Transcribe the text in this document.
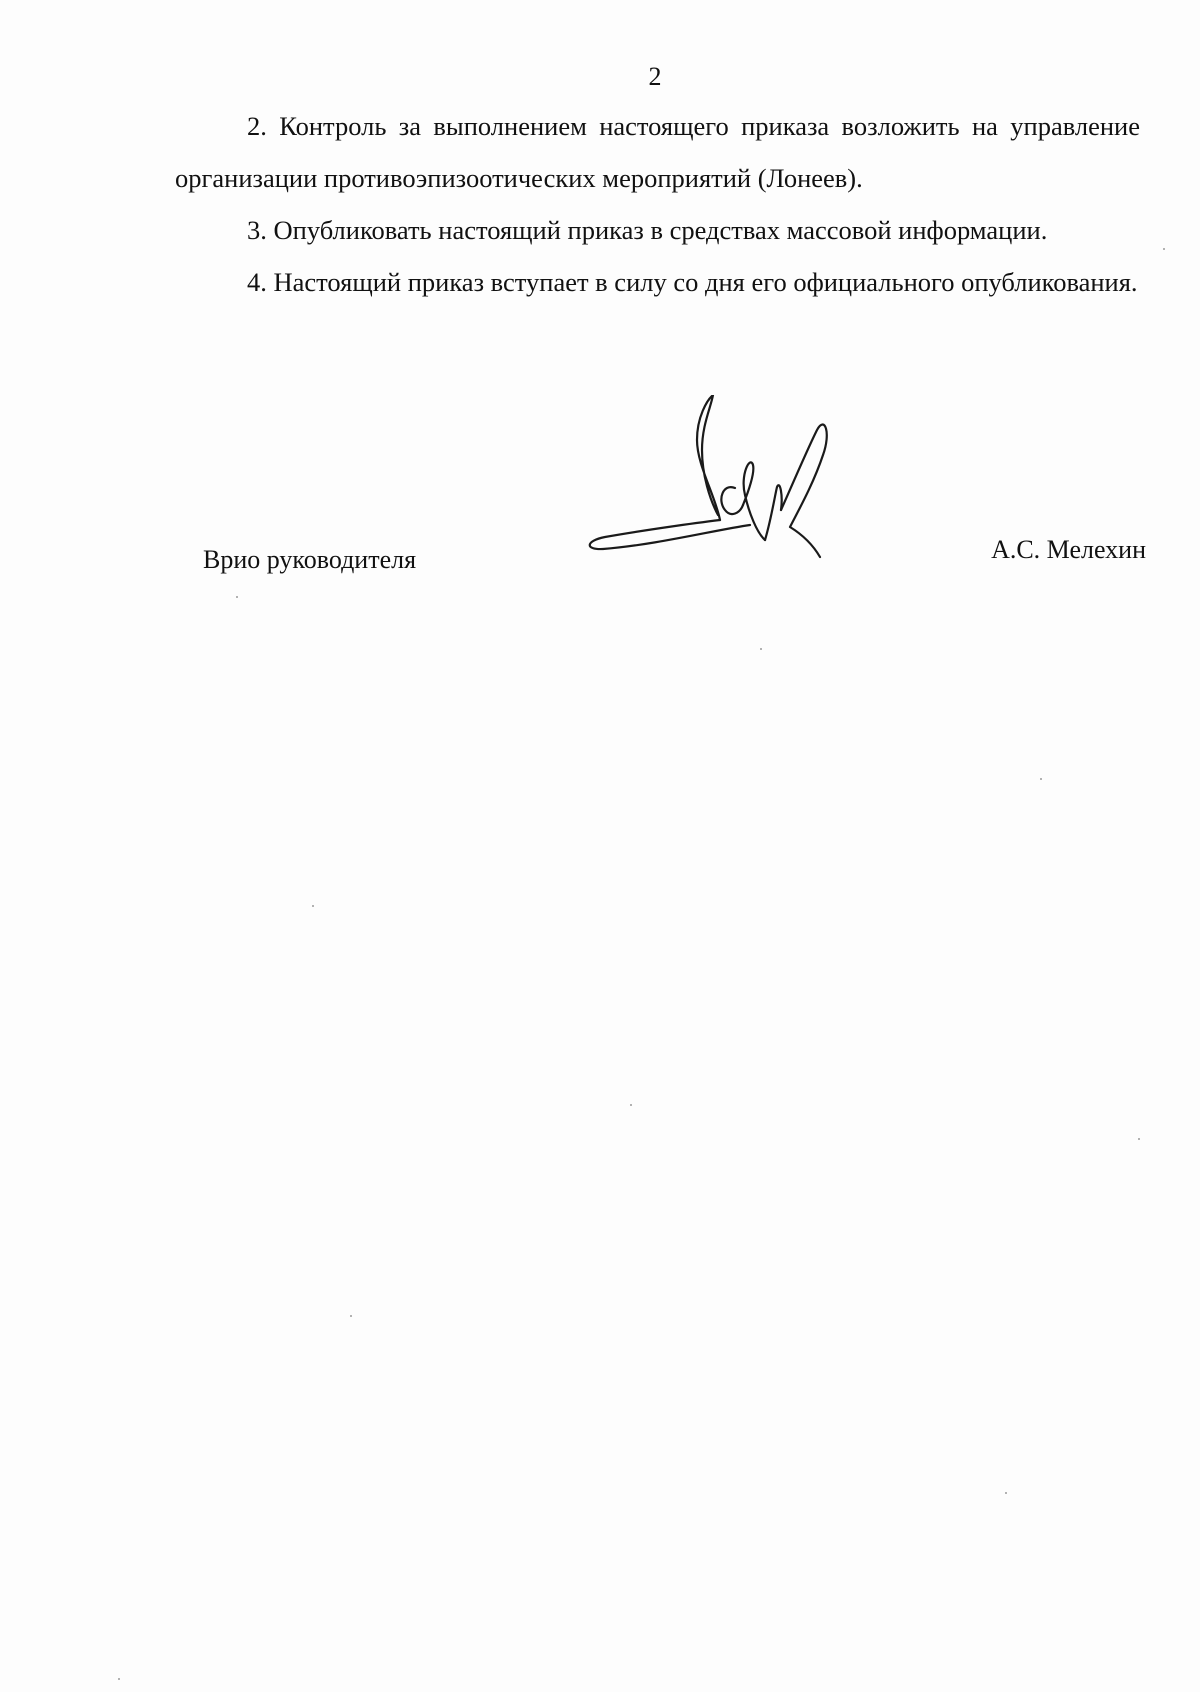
2

2. Контроль за выполнением настоящего приказа возложить на управление организации противоэпизоотических мероприятий (Лонеев).

3. Опубликовать настоящий приказ в средствах массовой информации.

4. Настоящий приказ вступает в силу со дня его официального опубликования.

Врио руководителя	А.С. Мелехин
